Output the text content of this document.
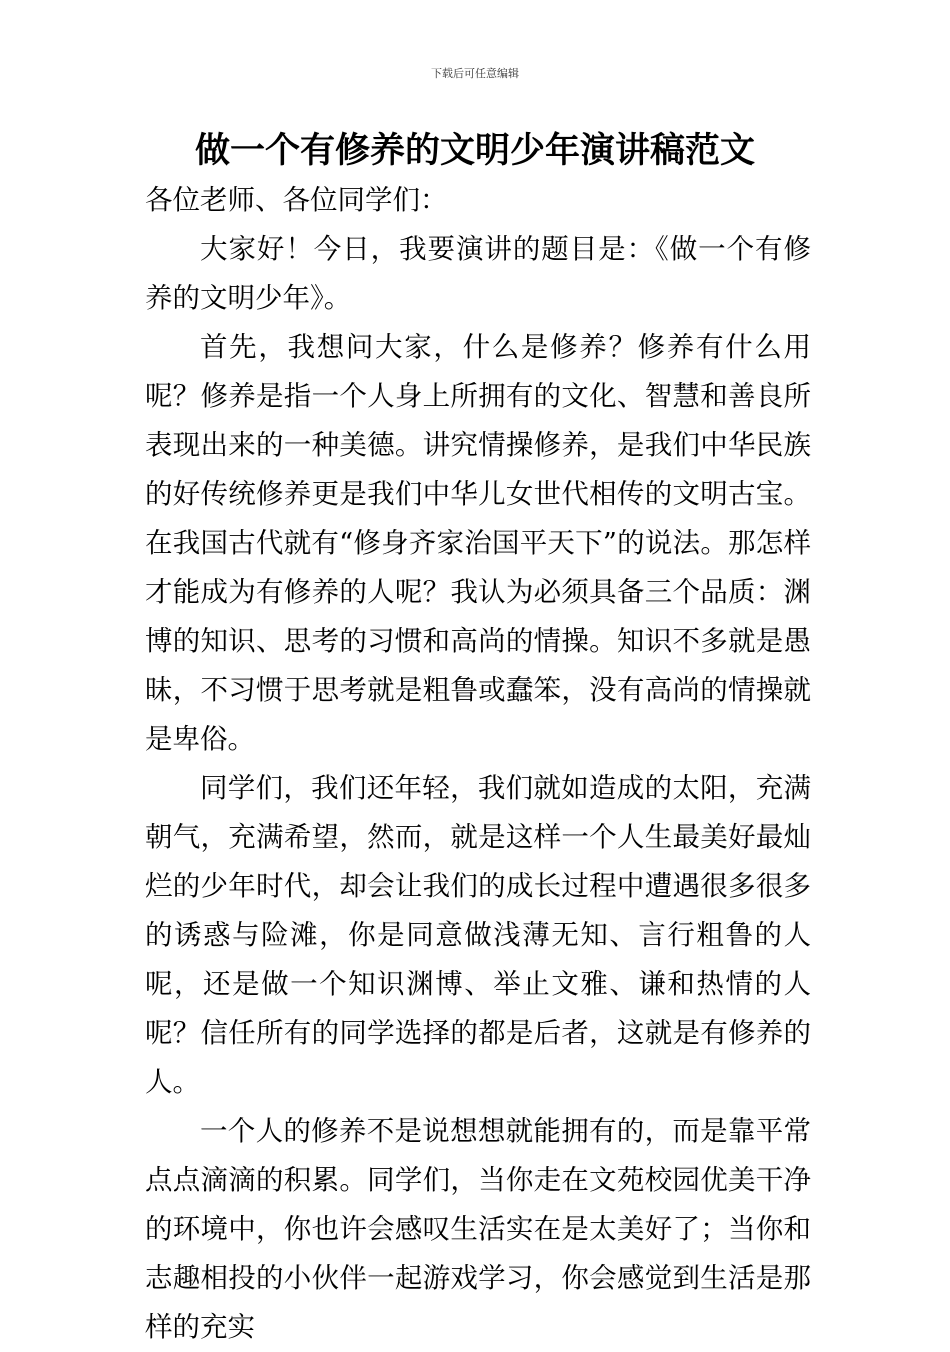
下载后可任意编辑
做一个有修养的文明少年演讲稿范文

各位老师、各位同学们：

大家好！今日，我要演讲的题目是：《做一个有修养的文明少年》。

首先，我想问大家，什么是修养？修养有什么用呢？修养是指一个人身上所拥有的文化、智慧和善良所表现出来的一种美德。讲究情操修养，是我们中华民族的好传统修养更是我们中华儿女世代相传的文明古宝。在我国古代就有“修身齐家治国平天下”的说法。那怎样才能成为有修养的人呢？我认为必须具备三个品质：渊博的知识、思考的习惯和高尚的情操。知识不多就是愚昧，不习惯于思考就是粗鲁或蠢笨，没有高尚的情操就是卑俗。

同学们，我们还年轻，我们就如造成的太阳，充满朝气，充满希望，然而，就是这样一个人生最美好最灿烂的少年时代，却会让我们的成长过程中遭遇很多很多的诱惑与险滩，你是同意做浅薄无知、言行粗鲁的人呢，还是做一个知识渊博、举止文雅、谦和热情的人呢？信任所有的同学选择的都是后者，这就是有修养的人。

一个人的修养不是说想想就能拥有的，而是靠平常点点滴滴的积累。同学们，当你走在文苑校园优美干净的环境中，你也许会感叹生活实在是太美好了；当你和志趣相投的小伙伴一起游戏学习，你会感觉到生活是那样的充实
